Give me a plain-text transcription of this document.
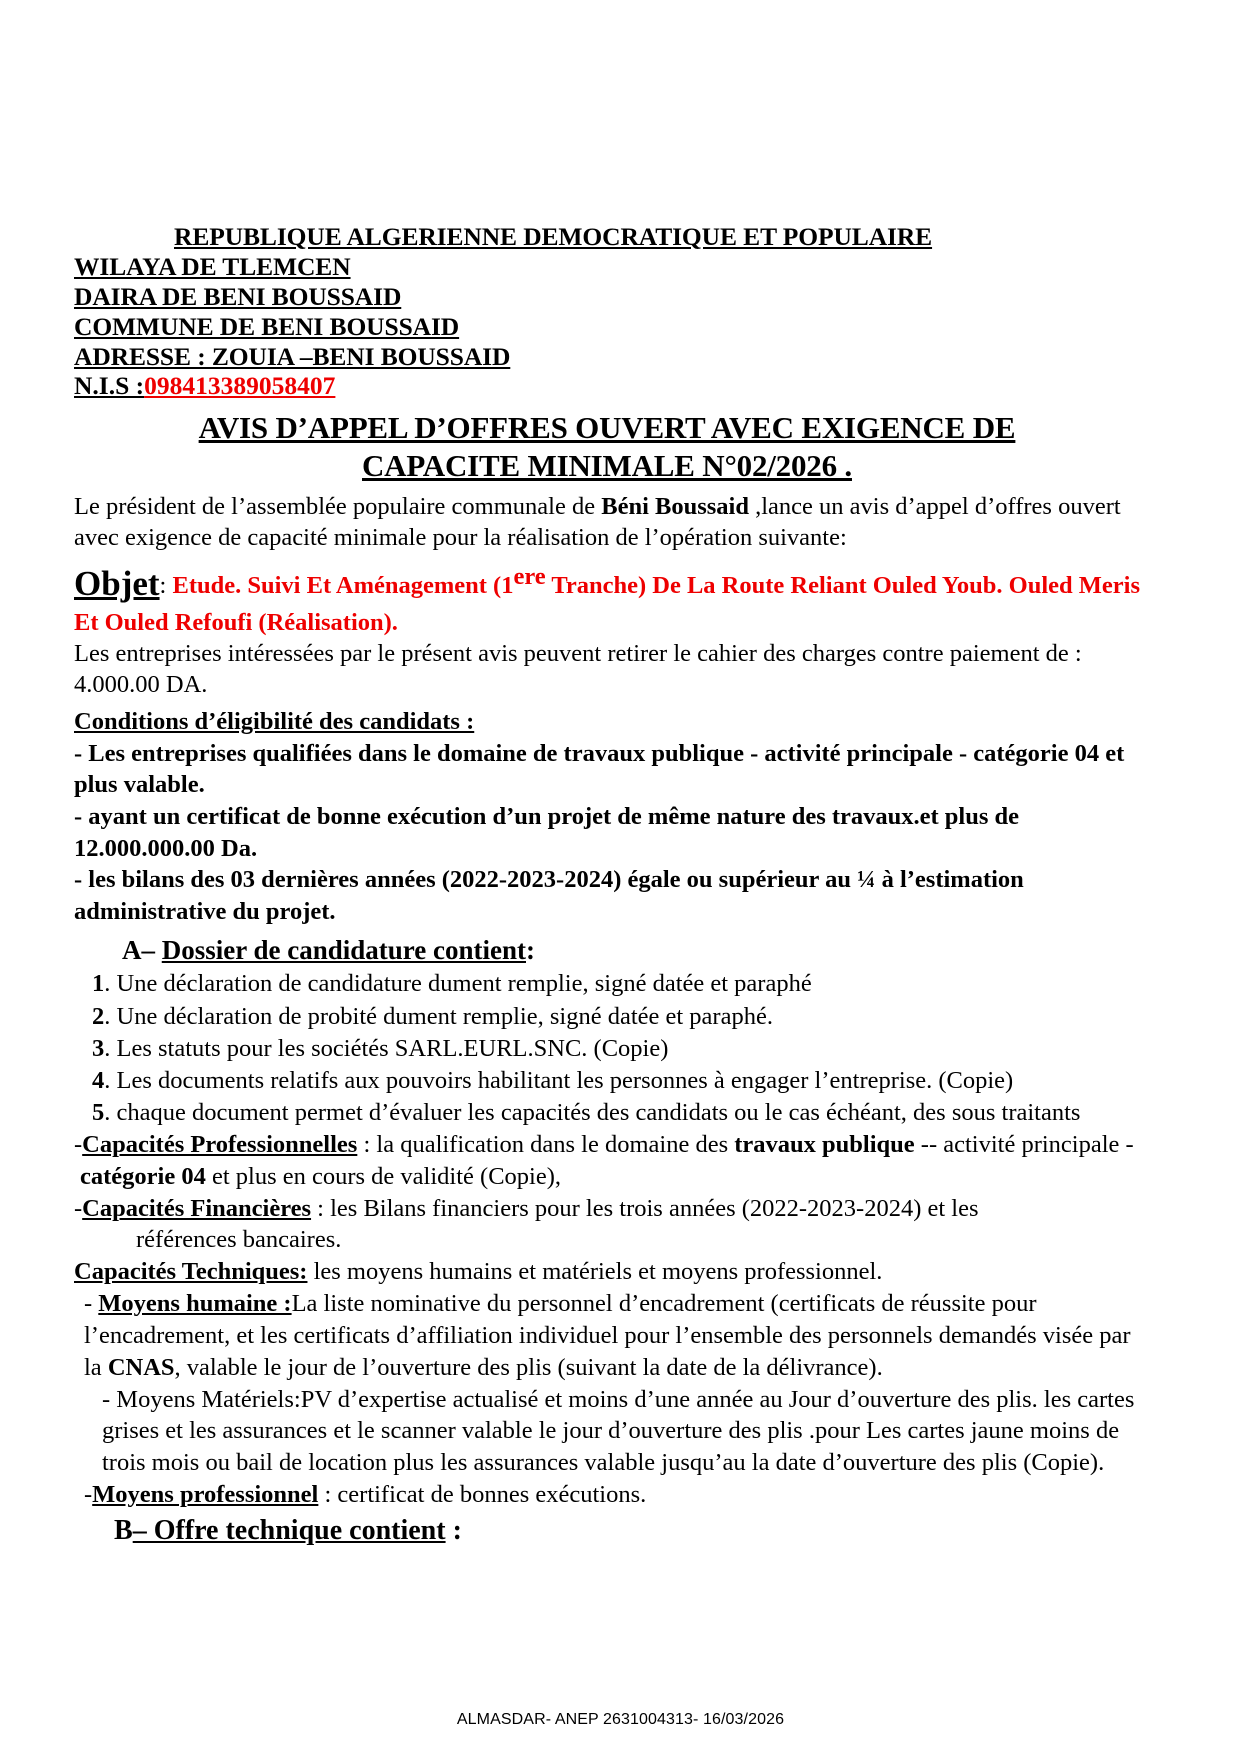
REPUBLIQUE ALGERIENNE DEMOCRATIQUE ET POPULAIRE
WILAYA DE TLEMCEN
DAIRA DE BENI BOUSSAID
COMMUNE DE BENI BOUSSAID
ADRESSE : ZOUIA –BENI BOUSSAID
N.I.S :098413389058407
AVIS D’APPEL D’OFFRES OUVERT AVEC EXIGENCE DE
CAPACITE MINIMALE N°02/2026 .
Le président de l’assemblée populaire communale de Béni Boussaid ,lance un avis d’appel d’offres ouvert avec exigence de capacité minimale pour la réalisation de l’opération suivante:
Objet: Etude. Suivi Et Aménagement (1ere Tranche) De La Route Reliant Ouled Youb. Ouled Meris Et Ouled Refoufi (Réalisation).
Les entreprises intéressées par le présent avis peuvent retirer le cahier des charges contre paiement de : 4.000.00 DA.
Conditions d’éligibilité des candidats :
- Les entreprises qualifiées dans le domaine de travaux publique - activité principale - catégorie 04 et plus valable.
- ayant un certificat de bonne exécution d’un projet de même nature des travaux.et plus de 12.000.000.00 Da.
- les bilans des 03 dernières années (2022-2023-2024) égale ou supérieur au ¼ à l’estimation administrative du projet.
A– Dossier de candidature contient:
1. Une déclaration de candidature dument remplie, signé datée et paraphé
2. Une déclaration de probité dument remplie, signé datée et paraphé.
3. Les statuts pour les sociétés SARL.EURL.SNC. (Copie)
4. Les documents relatifs aux pouvoirs habilitant les personnes à engager l’entreprise. (Copie)
5. chaque document permet d’évaluer les capacités des candidats ou le cas échéant, des sous traitants
-Capacités Professionnelles : la qualification dans le domaine des travaux publique -- activité principale - catégorie 04 et plus en cours de validité (Copie),
-Capacités Financières : les Bilans financiers pour les trois années (2022-2023-2024) et les
références bancaires.
Capacités Techniques: les moyens humains et matériels et moyens professionnel.
- Moyens humaine :La liste nominative du personnel d’encadrement (certificats de réussite pour l’encadrement, et les certificats d’affiliation individuel pour l’ensemble des personnels demandés visée par la CNAS, valable le jour de l’ouverture des plis (suivant la date de la délivrance).
- Moyens Matériels:PV d’expertise actualisé et moins d’une année au Jour d’ouverture des plis. les cartes grises et les assurances et le scanner valable le jour d’ouverture des plis .pour Les cartes jaune moins de trois mois ou bail de location plus les assurances valable jusqu’au la date d’ouverture des plis (Copie).
-Moyens professionnel : certificat de bonnes exécutions.
B– Offre technique contient :
ALMASDAR- ANEP 2631004313- 16/03/2026
